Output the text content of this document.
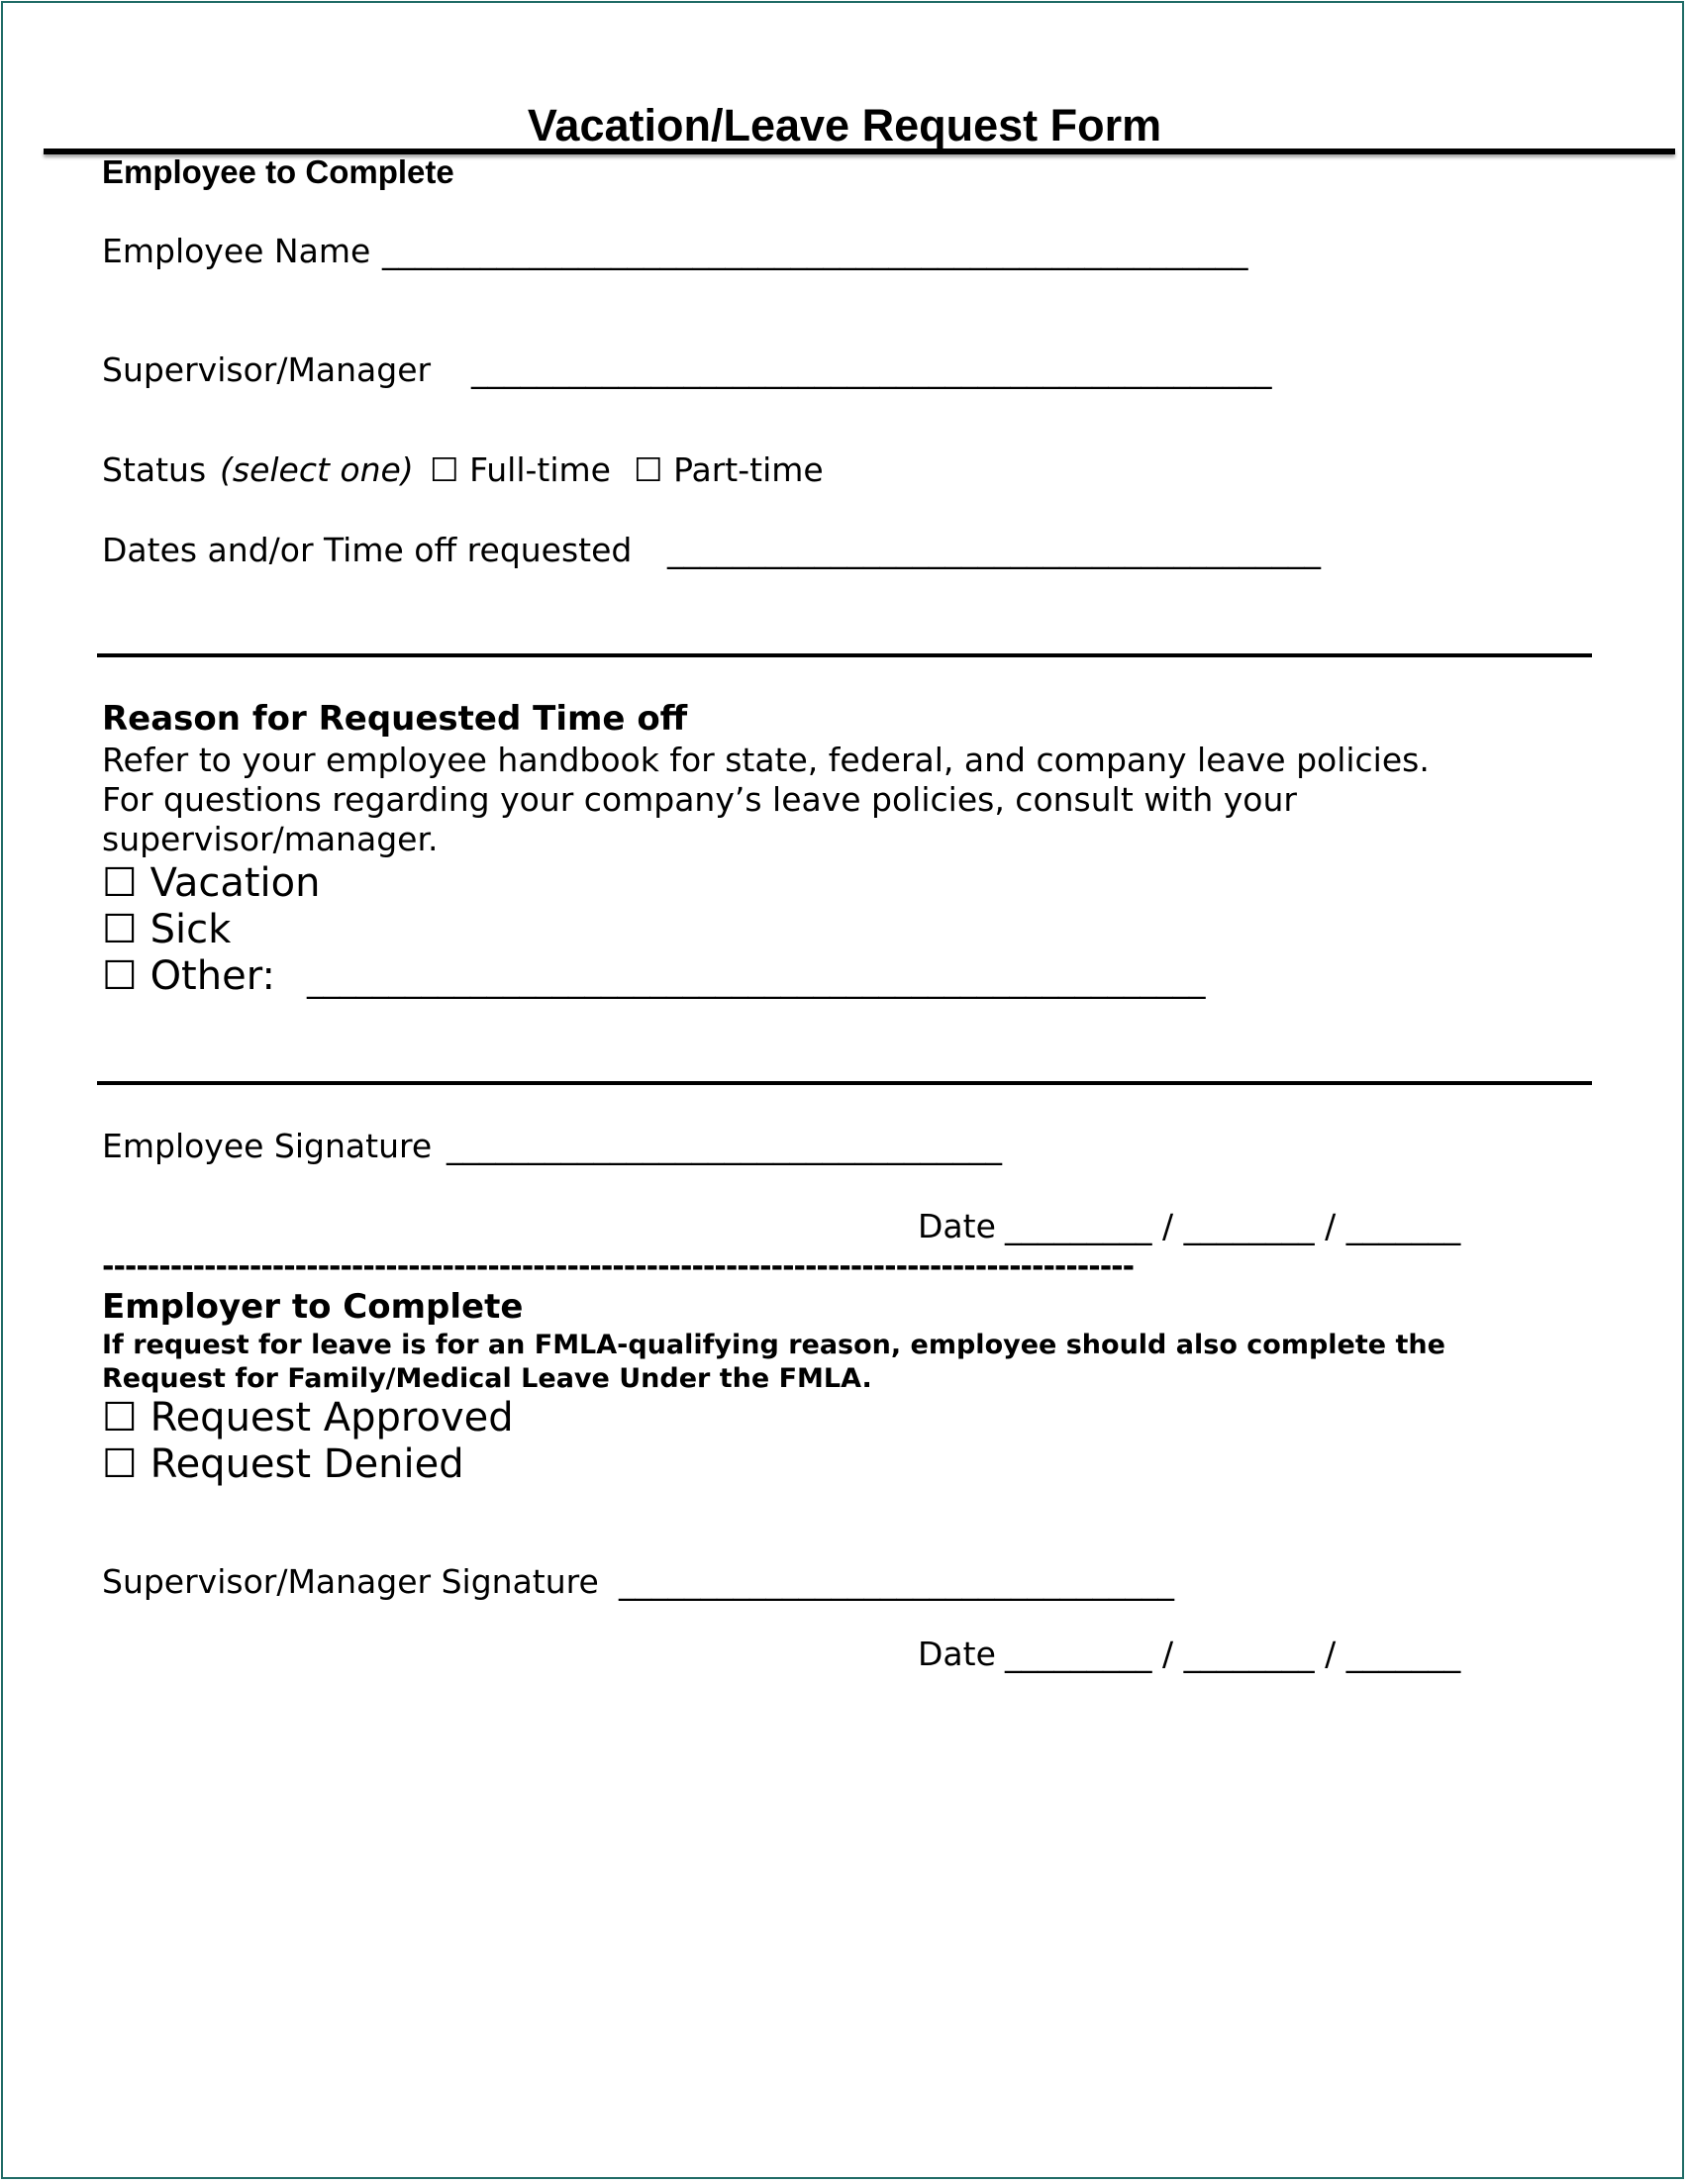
Vacation/Leave Request Form
Employee to Complete
Employee Name _____________________________________________________
Supervisor/Manager _________________________________________________
Status (select one) ☐ Full-time ☐ Part-time
Dates and/or Time off requested ________________________________________
Reason for Requested Time off
Refer to your employee handbook for state, federal, and company leave policies.
For questions regarding your company’s leave policies, consult with your
supervisor/manager.
☐ Vacation
☐ Sick
☐ Other: _______________________________________________________
Employee Signature __________________________________
Date _________ / ________ / _______
-------------------------------------------------------------------------------------------
Employer to Complete
If request for leave is for an FMLA-qualifying reason, employee should also complete the
Request for Family/Medical Leave Under the FMLA.
☐ Request Approved
☐ Request Denied
Supervisor/Manager Signature __________________________________
Date _________ / ________ / _______
